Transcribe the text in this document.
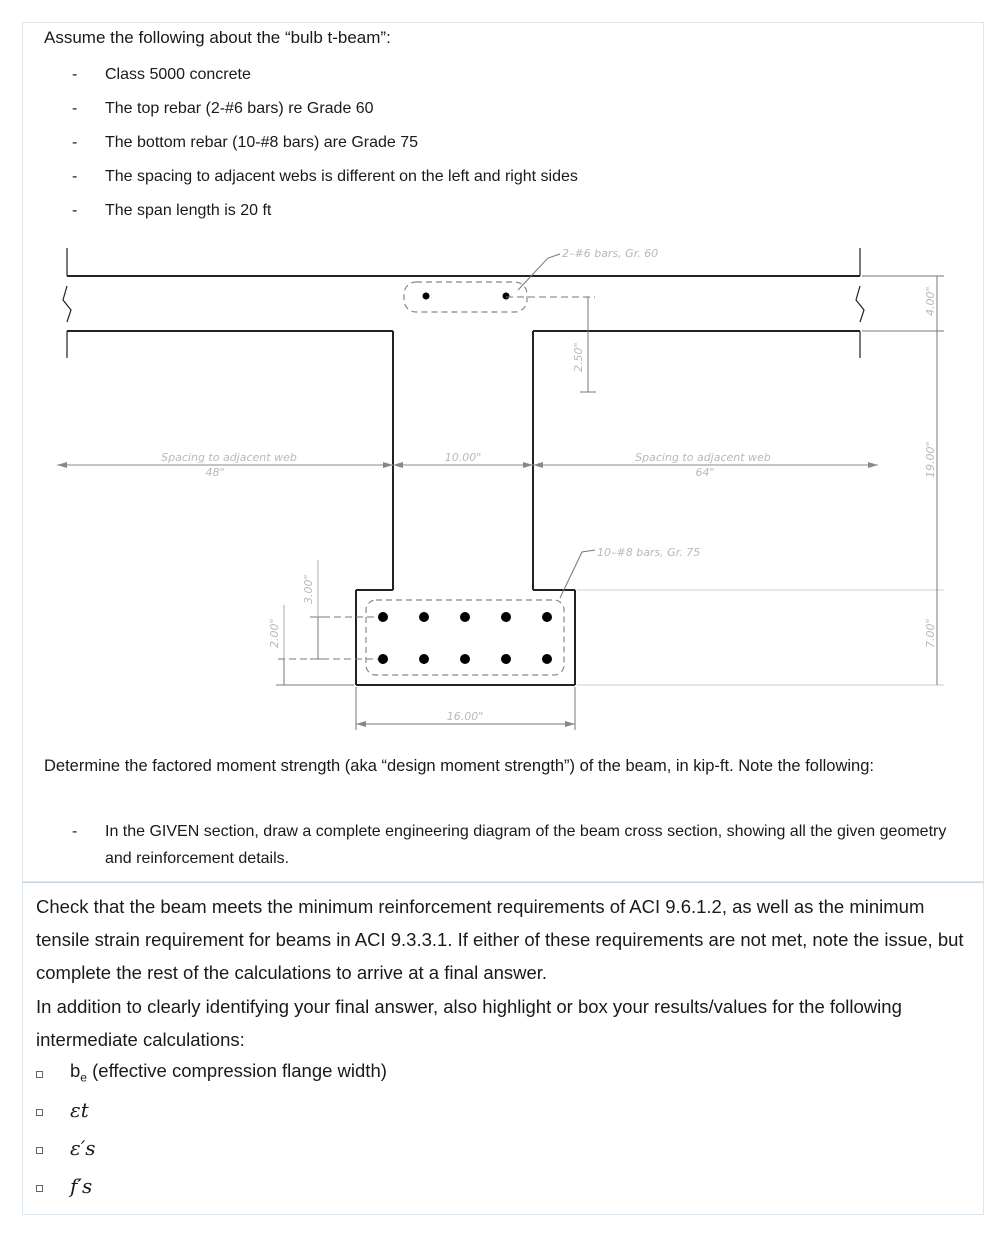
Assume the following about the “bulb t-beam”:
- Class 5000 concrete
- The top rebar (2-#6 bars) re Grade 60
- The bottom rebar (10-#8 bars) are Grade 75
- The spacing to adjacent webs is different on the left and right sides
- The span length is 20 ft
2–#6 bars, Gr. 60
10–#8 bars, Gr. 75
2.50"
4.00"
19.00"
7.00"
Spacing to adjacent web
48"
10.00"	Spacing to adjacent web
64"
3.00"
2.00"
16.00"
Determine the factored moment strength (aka “design moment strength”) of the beam, in kip-ft. Note the following:
- In the GIVEN section, draw a complete engineering diagram of the beam cross section, showing all the given geometry and reinforcement details.

Check that the beam meets the minimum reinforcement requirements of ACI 9.6.1.2, as well as the minimum tensile strain requirement for beams in ACI 9.3.3.1. If either of these requirements are not met, note the issue, but complete the rest of the calculations to arrive at a final answer.

In addition to clearly identifying your final answer, also highlight or box your results/values for the following intermediate calculations:

$b_e$ (effective compression flange width)
εt
ε′s
f′s
